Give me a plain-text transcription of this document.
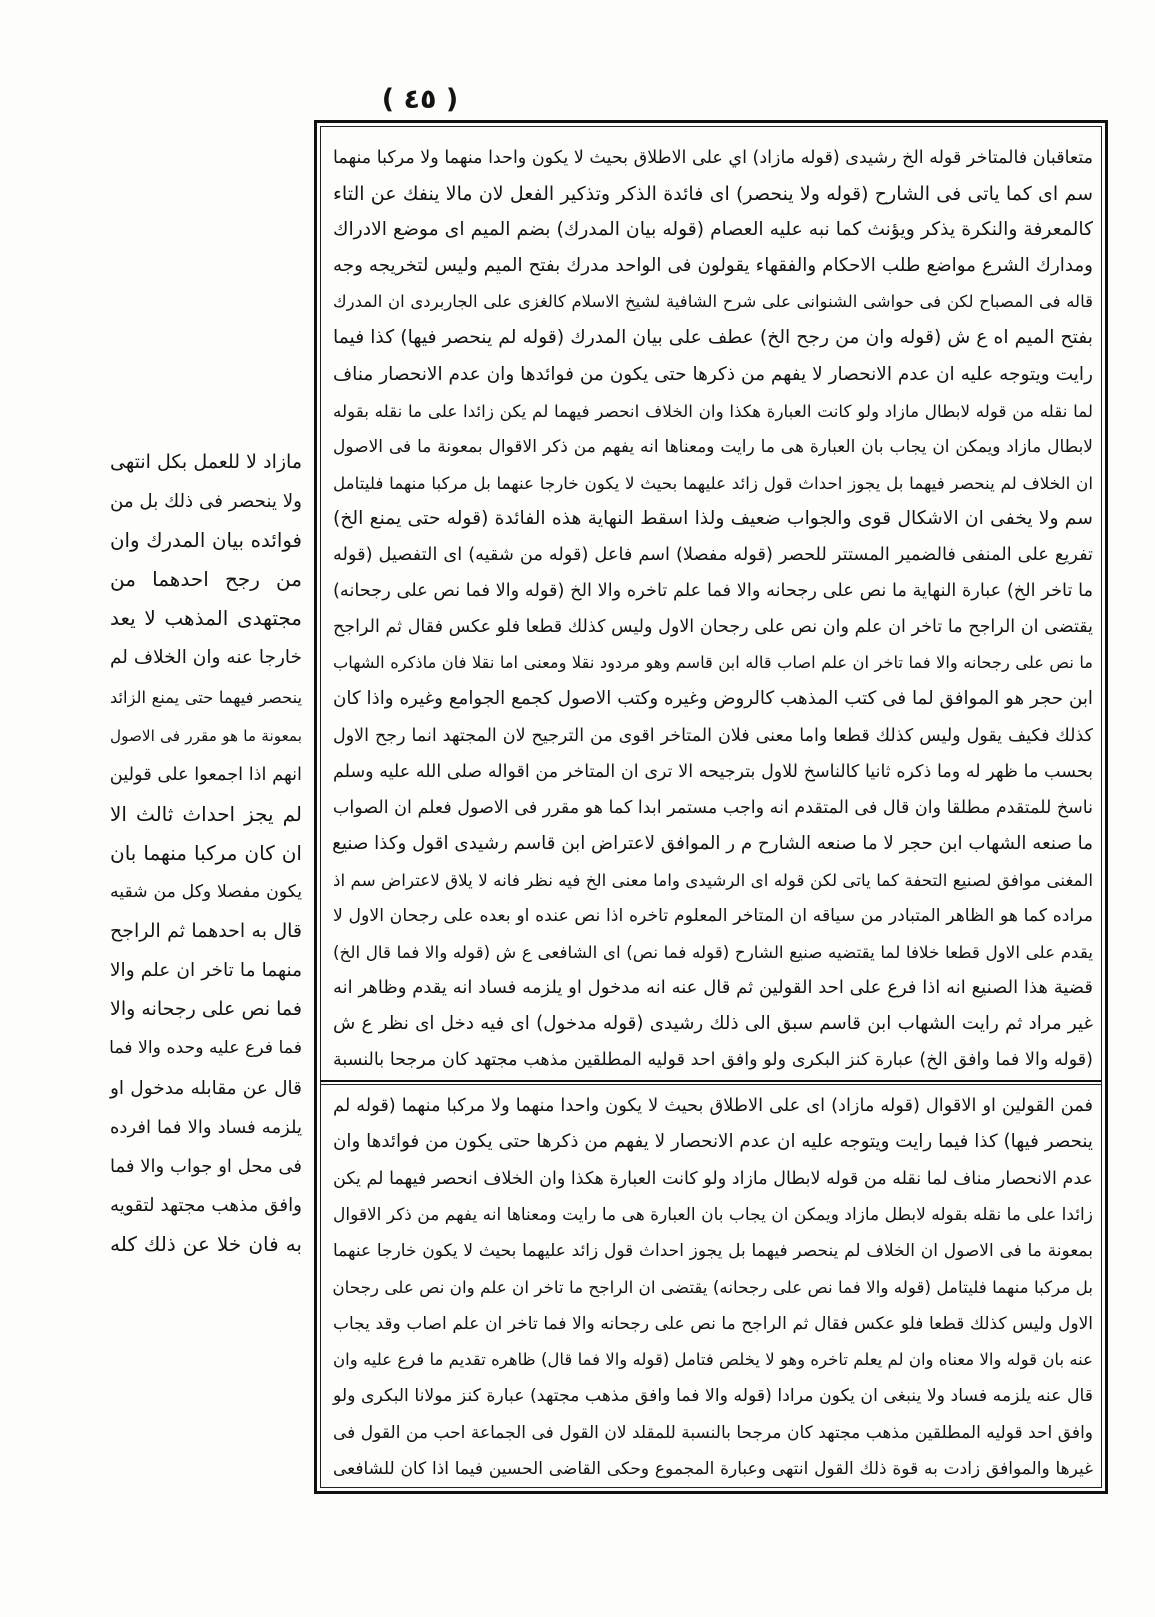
( ٤٥ )
متعاقبان فالمتاخر قوله الخ رشيدى (قوله مازاد) اي على الاطلاق بحيث لا يكون واحدا منهما ولا مركبا منهما
سم اى كما ياتى فى الشارح (قوله ولا ينحصر) اى فائدة الذكر وتذكير الفعل لان مالا ينفك عن التاء
كالمعرفة والنكرة يذكر ويؤنث كما نبه عليه العصام (قوله بيان المدرك) بضم الميم اى موضع الادراك
ومدارك الشرع مواضع طلب الاحكام والفقهاء يقولون فى الواحد مدرك بفتح الميم وليس لتخريجه وجه
قاله فى المصباح لكن فى حواشى الشنوانى على شرح الشافية لشيخ الاسلام كالغزى على الجاربردى ان المدرك
بفتح الميم اه ع ش (قوله وان من رجح الخ) عطف على بيان المدرك (قوله لم ينحصر فيها) كذا فيما
رايت ويتوجه عليه ان عدم الانحصار لا يفهم من ذكرها حتى يكون من فوائدها وان عدم الانحصار مناف
لما نقله من قوله لابطال مازاد ولو كانت العبارة هكذا وان الخلاف انحصر فيهما لم يكن زائدا على ما نقله بقوله
لابطال مازاد ويمكن ان يجاب بان العبارة هى ما رايت ومعناها انه يفهم من ذكر الاقوال بمعونة ما فى الاصول
ان الخلاف لم ينحصر فيهما بل يجوز احداث قول زائد عليهما بحيث لا يكون خارجا عنهما بل مركبا منهما فليتامل
سم ولا يخفى ان الاشكال قوى والجواب ضعيف ولذا اسقط النهاية هذه الفائدة (قوله حتى يمنع الخ)
تفريع على المنفى فالضمير المستتر للحصر (قوله مفصلا) اسم فاعل (قوله من شقيه) اى التفصيل (قوله
ما تاخر الخ) عبارة النهاية ما نص على رجحانه والا فما علم تاخره والا الخ (قوله والا فما نص على رجحانه)
يقتضى ان الراجح ما تاخر ان علم وان نص على رجحان الاول وليس كذلك قطعا فلو عكس فقال ثم الراجح
ما نص على رجحانه والا فما تاخر ان علم اصاب قاله ابن قاسم وهو مردود نقلا ومعنى اما نقلا فان ماذكره الشهاب
ابن حجر هو الموافق لما فى كتب المذهب كالروض وغيره وكتب الاصول كجمع الجوامع وغيره واذا كان
كذلك فكيف يقول وليس كذلك قطعا واما معنى فلان المتاخر اقوى من الترجيح لان المجتهد انما رجح الاول
بحسب ما ظهر له وما ذكره ثانيا كالناسخ للاول بترجيحه الا ترى ان المتاخر من اقواله صلى الله عليه وسلم
ناسخ للمتقدم مطلقا وان قال فى المتقدم انه واجب مستمر ابدا كما هو مقرر فى الاصول فعلم ان الصواب
ما صنعه الشهاب ابن حجر لا ما صنعه الشارح م ر الموافق لاعتراض ابن قاسم رشيدى اقول وكذا صنيع
المغنى موافق لصنيع التحفة كما ياتى لكن قوله اى الرشيدى واما معنى الخ فيه نظر فانه لا يلاق لاعتراض سم اذ
مراده كما هو الظاهر المتبادر من سياقه ان المتاخر المعلوم تاخره اذا نص عنده او بعده على رجحان الاول لا
يقدم على الاول قطعا خلافا لما يقتضيه صنيع الشارح (قوله فما نص) اى الشافعى ع ش (قوله والا فما قال الخ)
قضية هذا الصنيع انه اذا فرع على احد القولين ثم قال عنه انه مدخول او يلزمه فساد انه يقدم وظاهر انه
غير مراد ثم رايت الشهاب ابن قاسم سبق الى ذلك رشيدى (قوله مدخول) اى فيه دخل اى نظر ع ش
(قوله والا فما وافق الخ) عبارة كنز البكرى ولو وافق احد قوليه المطلقين مذهب مجتهد كان مرجحا بالنسبة
فمن القولين او الاقوال (قوله مازاد) اى على الاطلاق بحيث لا يكون واحدا منهما ولا مركبا منهما (قوله لم
ينحصر فيها) كذا فيما رايت ويتوجه عليه ان عدم الانحصار لا يفهم من ذكرها حتى يكون من فوائدها وان
عدم الانحصار مناف لما نقله من قوله لابطال مازاد ولو كانت العبارة هكذا وان الخلاف انحصر فيهما لم يكن
زائدا على ما نقله بقوله لابطل مازاد ويمكن ان يجاب بان العبارة هى ما رايت ومعناها انه يفهم من ذكر الاقوال
بمعونة ما فى الاصول ان الخلاف لم ينحصر فيهما بل يجوز احداث قول زائد عليهما بحيث لا يكون خارجا عنهما
بل مركبا منهما فليتامل (قوله والا فما نص على رجحانه) يقتضى ان الراجح ما تاخر ان علم وان نص على رجحان
الاول وليس كذلك قطعا فلو عكس فقال ثم الراجح ما نص على رجحانه والا فما تاخر ان علم اصاب وقد يجاب
عنه بان قوله والا معناه وان لم يعلم تاخره وهو لا يخلص فتامل (قوله والا فما قال) ظاهره تقديم ما فرع عليه وان
قال عنه يلزمه فساد ولا ينبغى ان يكون مرادا (قوله والا فما وافق مذهب مجتهد) عبارة كنز مولانا البكرى ولو
وافق احد قوليه المطلقين مذهب مجتهد كان مرجحا بالنسبة للمقلد لان القول فى الجماعة احب من القول فى
غيرها والموافق زادت به قوة ذلك القول انتهى وعبارة المجموع وحكى القاضى الحسين فيما اذا كان للشافعى
مازاد لا للعمل بكل انتهى
ولا ينحصر فى ذلك بل من
فوائده بيان المدرك وان
من رجح احدهما من
مجتهدى المذهب لا يعد
خارجا عنه وان الخلاف لم
ينحصر فيهما حتى يمنع الزائد
بمعونة ما هو مقرر فى الاصول
انهم اذا اجمعوا على قولين
لم يجز احداث ثالث الا
ان كان مركبا منهما بان
يكون مفصلا وكل من شقيه
قال به احدهما ثم الراجح
منهما ما تاخر ان علم والا
فما نص على رجحانه والا
فما فرع عليه وحده والا فما
قال عن مقابله مدخول او
يلزمه فساد والا فما افرده
فى محل او جواب والا فما
وافق مذهب مجتهد لتقويه
به فان خلا عن ذلك كله
